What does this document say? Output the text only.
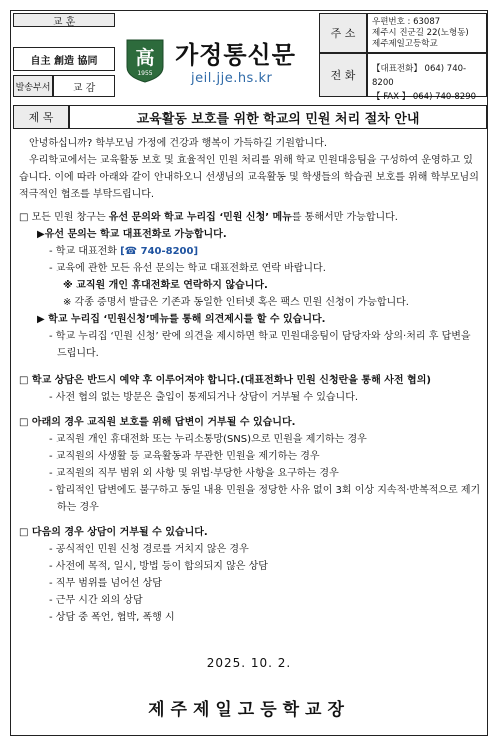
교 훈
自主 創造 協同
발송부서	교 감
高
1955
가정통신문
jeil.jje.hs.kr
주 소
우편번호 : 63087
제주시 진군길 22(노형동)
제주제일고등학교
전 화	【대표전화】 064) 740-8200
【 FAX 】 064) 740-8290
제 목	교육활동 보호를 위한 학교의 민원 처리 절차 안내

안녕하십니까? 학부모님 가정에 건강과 행복이 가득하길 기원합니다.

우리학교에서는 교육활동 보호 및 효율적인 민원 처리를 위해 학교 민원대응팀을 구성하여 운영하고 있습니다. 이에 따라 아래와 같이 안내하오니 선생님의 교육활동 및 학생들의 학습권 보호를 위해 학부모님의 적극적인 협조를 부탁드립니다.

□ 모든 민원 창구는 유선 문의와 학교 누리집 ‘민원 신청’ 메뉴를 통해서만 가능합니다.
▶유선 문의는 학교 대표전화로 가능합니다.
- 학교 대표전화 [☎ 740-8200]
- 교육에 관한 모든 유선 문의는 학교 대표전화로 연락 바랍니다.
※ 교직원 개인 휴대전화로 연락하지 않습니다.
※ 각종 증명서 발급은 기존과 동일한 인터넷 혹은 팩스 민원 신청이 가능합니다.
▶ 학교 누리집 ‘민원신청’메뉴를 통해 의견제시를 할 수 있습니다.
- 학교 누리집 ‘민원 신청’ 란에 의견을 제시하면 학교 민원대응팀이 담당자와 상의·처리 후 답변을 드립니다.
□ 학교 상담은 반드시 예약 후 이루어져야 합니다.(대표전화나 민원 신청란을 통해 사전 협의)
- 사전 협의 없는 방문은 출입이 통제되거나 상담이 거부될 수 있습니다.
□ 아래의 경우 교직원 보호를 위해 답변이 거부될 수 있습니다.
- 교직원 개인 휴대전화 또는 누리소통망(SNS)으로 민원을 제기하는 경우
- 교직원의 사생활 등 교육활동과 무관한 민원을 제기하는 경우
- 교직원의 직무 범위 외 사항 및 위법·부당한 사항을 요구하는 경우
- 합리적인 답변에도 불구하고 동일 내용 민원을 정당한 사유 없이 3회 이상 지속적·반복적으로 제기하는 경우
□ 다음의 경우 상담이 거부될 수 있습니다.
- 공식적인 민원 신청 경로를 거치지 않은 경우
- 사전에 목적, 일시, 방법 등이 합의되지 않은 상담
- 직무 범위를 넘어선 상담
- 근무 시간 외의 상담
- 상담 중 폭언, 협박, 폭행 시
2025. 10. 2.
제주제일고등학교장
